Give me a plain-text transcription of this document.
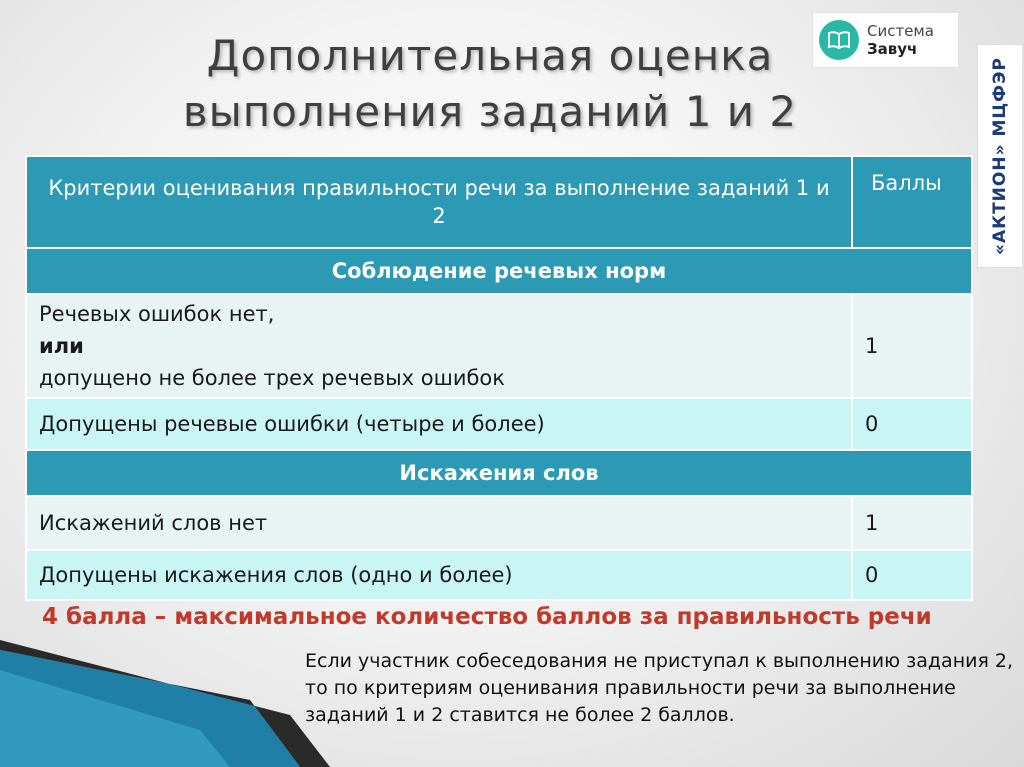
Дополнительная оценка
выполнения заданий 1 и 2
Система
Завуч
«АКТИОН» МЦФЭР
Критерии оценивания правильности речи за выполнение заданий 1 и 2	Баллы
Соблюдение речевых норм	

Речевых ошибок нет,
или
допущено не более трех речевых ошибок	1
Допущены речевые ошибки (четыре и более)	0
Искажения слов	
Искажений слов нет	1
Допущены искажения слов (одно и более)	0

4 балла – максимальное количество баллов за правильность речи

Если участник собеседования не приступал к выполнению задания 2, то по критериям оценивания правильности речи за выполнение заданий 1 и 2 ставится не более 2 баллов.
